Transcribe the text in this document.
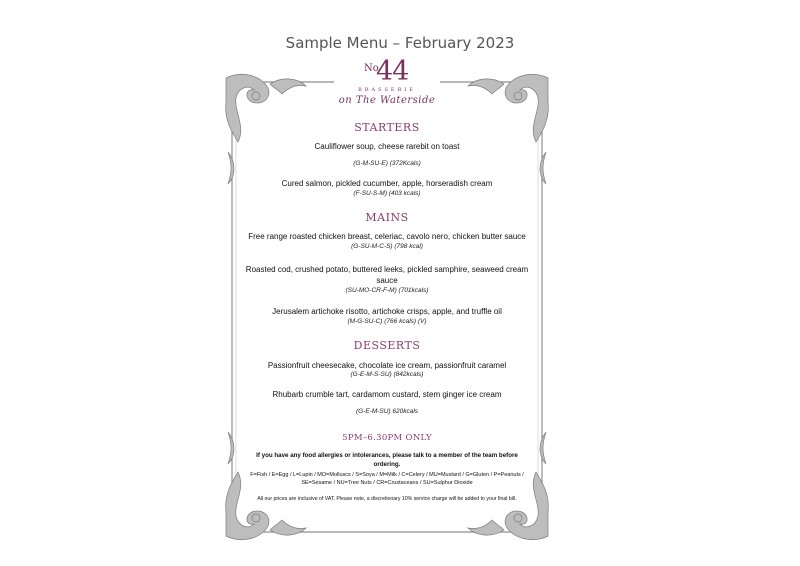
Sample Menu – February 2023
No
44
BRASSERIE
on The Waterside
STARTERS
Cauliflower soup, cheese rarebit on toast
(G-M-SU-E) (372Kcals)
Cured salmon, pickled cucumber, apple, horseradish cream
(F-SU-S-M) (403 kcals)
MAINS
Free range roasted chicken breast, celeriac, cavolo nero, chicken butter sauce
(G-SU-M-C-S) (798 kcal)
Roasted cod, crushed potato, buttered leeks, pickled samphire, seaweed cream
sauce
(SU-MO-CR-F-M) (701kcals)
Jerusalem artichoke risotto, artichoke crisps, apple, and truffle oil
(M-G-SU-C) (766 kcals) (V)
DESSERTS
Passionfruit cheesecake, chocolate ice cream, passionfruit caramel
(G-E-M-S-SU) (842kcals)
Rhubarb crumble tart, cardamom custard, stem ginger ice cream
(G-E-M-SU) 620kcals
5PM–6.30PM ONLY
If you have any food allergies or intolerances, please talk to a member of the team before
ordering.
F=Fish / E=Egg / L=Lupin / MO=Molluscs / S=Soya / M=Milk / C=Celery / MU=Mustard / G=Gluten / P=Peanuts /
SE=Sesame / NU=Tree Nuts / CR=Crustaceans / SU=Sulphur Dioxide
All our prices are inclusive of VAT. Please note, a discretionary 10% service charge will be added to your final bill.
